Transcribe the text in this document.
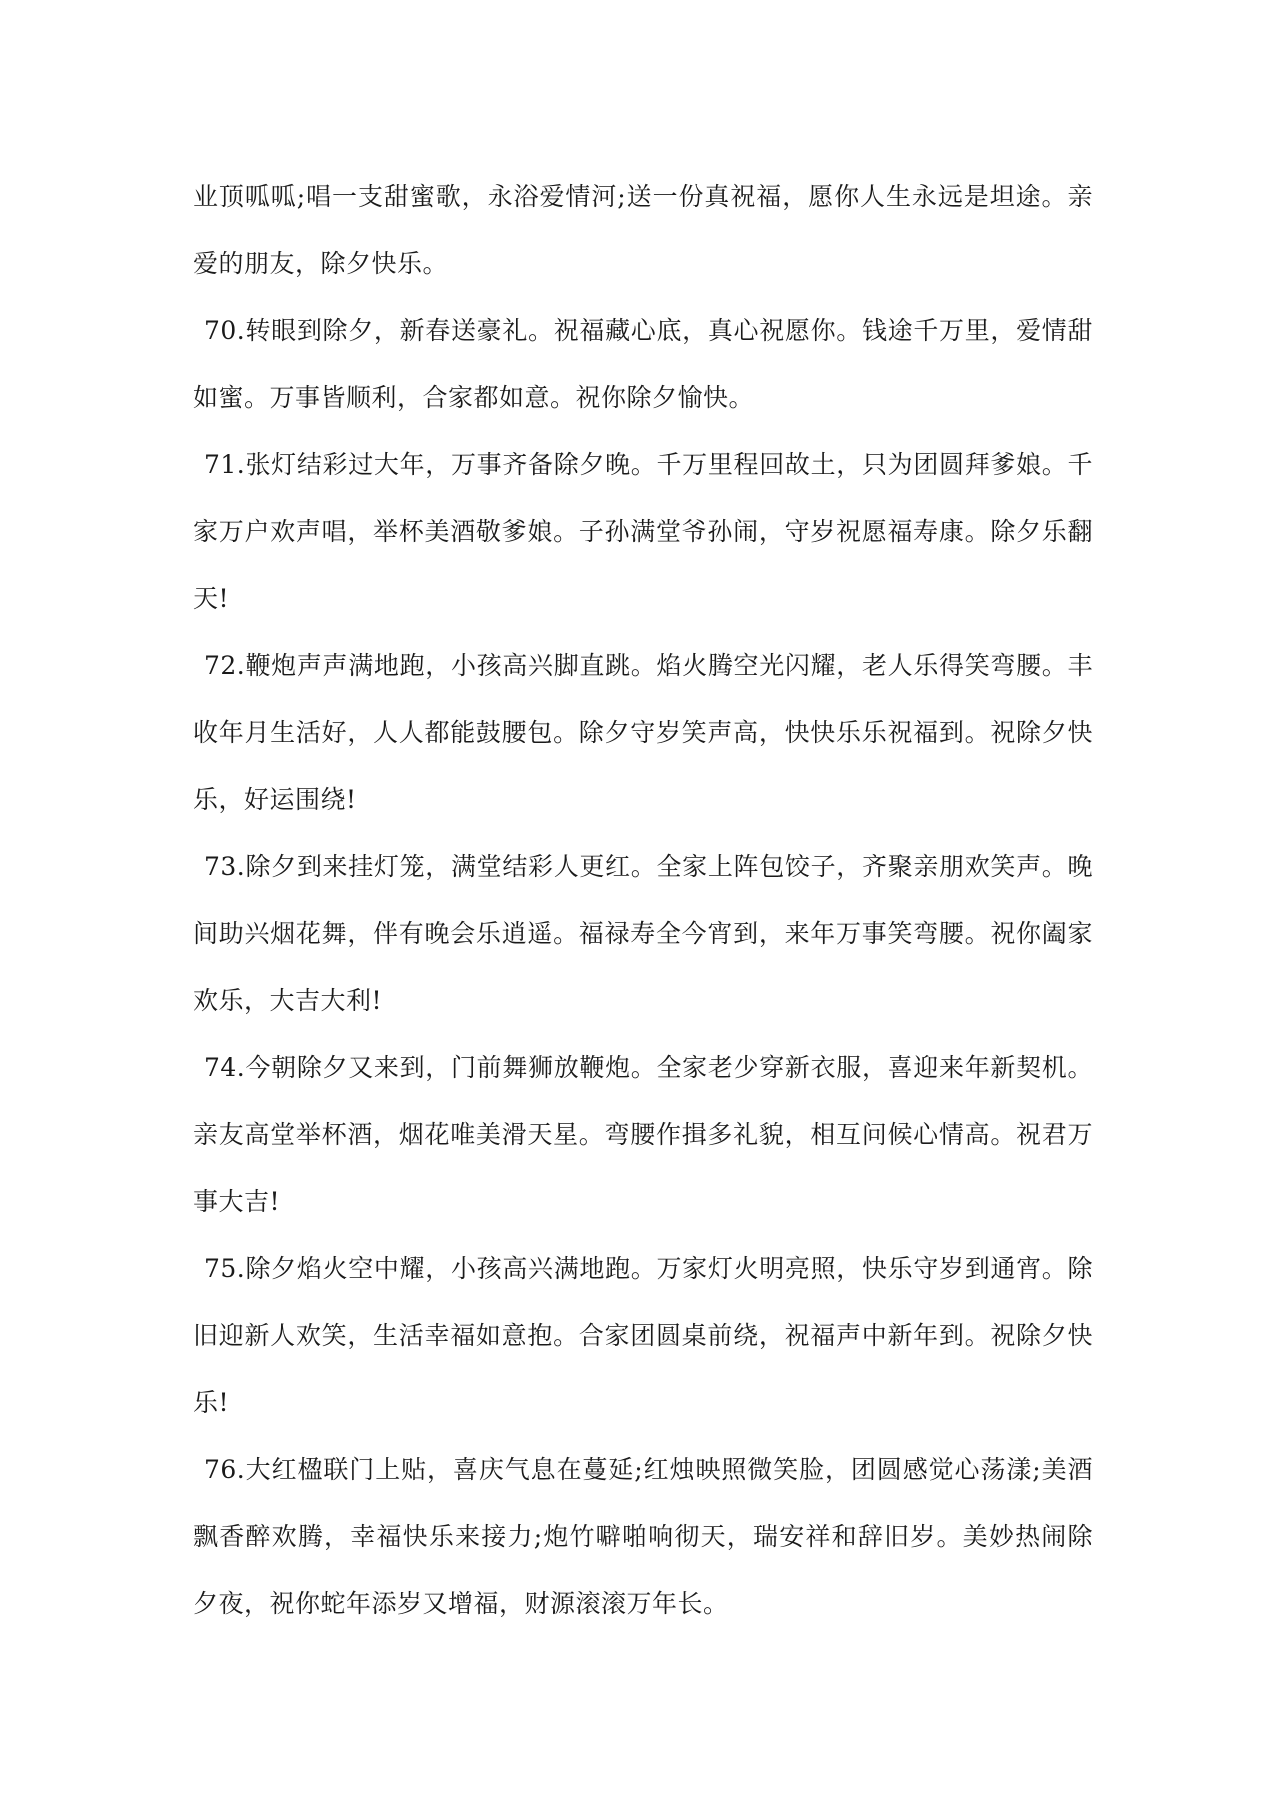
业顶呱呱;唱一支甜蜜歌，永浴爱情河;送一份真祝福，愿你人生永远是坦途。亲爱的朋友，除夕快乐。

70.转眼到除夕，新春送豪礼。祝福藏心底，真心祝愿你。钱途千万里，爱情甜如蜜。万事皆顺利，合家都如意。祝你除夕愉快。

71.张灯结彩过大年，万事齐备除夕晚。千万里程回故土，只为团圆拜爹娘。千家万户欢声唱，举杯美酒敬爹娘。子孙满堂爷孙闹，守岁祝愿福寿康。除夕乐翻天!

72.鞭炮声声满地跑，小孩高兴脚直跳。焰火腾空光闪耀，老人乐得笑弯腰。丰收年月生活好，人人都能鼓腰包。除夕守岁笑声高，快快乐乐祝福到。祝除夕快乐，好运围绕!

73.除夕到来挂灯笼，满堂结彩人更红。全家上阵包饺子，齐聚亲朋欢笑声。晚间助兴烟花舞，伴有晚会乐逍遥。福禄寿全今宵到，来年万事笑弯腰。祝你阖家欢乐，大吉大利!

74.今朝除夕又来到，门前舞狮放鞭炮。全家老少穿新衣服，喜迎来年新契机。亲友高堂举杯酒，烟花唯美滑天星。弯腰作揖多礼貌，相互问候心情高。祝君万事大吉!

75.除夕焰火空中耀，小孩高兴满地跑。万家灯火明亮照，快乐守岁到通宵。除旧迎新人欢笑，生活幸福如意抱。合家团圆桌前绕，祝福声中新年到。祝除夕快乐!

76.大红楹联门上贴，喜庆气息在蔓延;红烛映照微笑脸，团圆感觉心荡漾;美酒飘香醉欢腾，幸福快乐来接力;炮竹噼啪响彻天，瑞安祥和辞旧岁。美妙热闹除夕夜，祝你蛇年添岁又增福，财源滚滚万年长。
